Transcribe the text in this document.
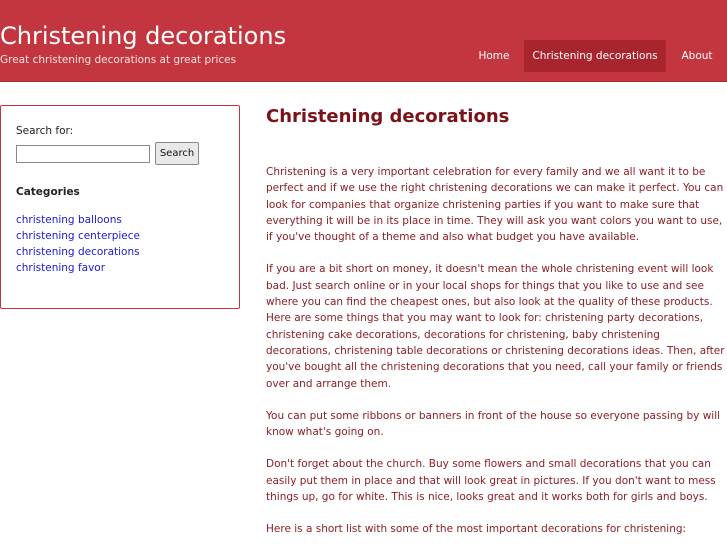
Christening decorations
Great christening decorations at great prices	Home	Christening decorations	About
Search for:
Search
Categories
christening balloons
christening centerpiece
christening decorations
christening favor
Christening decorations

Christening is a very important celebration for every family and we all want it to be perfect and if we use the right christening decorations we can make it perfect. You can look for companies that organize christening parties if you want to make sure that everything it will be in its place in time. They will ask you want colors you want to use, if you've thought of a theme and also what budget you have available.

If you are a bit short on money, it doesn't mean the whole christening event will look bad. Just search online or in your local shops for things that you like to use and see where you can find the cheapest ones, but also look at the quality of these products. Here are some things that you may want to look for: christening party decorations, christening cake decorations, decorations for christening, baby christening decorations, christening table decorations or christening decorations ideas. Then, after you've bought all the christening decorations that you need, call your family or friends over and arrange them.

You can put some ribbons or banners in front of the house so everyone passing by will know what's going on.

Don't forget about the church. Buy some flowers and small decorations that you can easily put them in place and that will look great in pictures. If you don't want to mess things up, go for white. This is nice, looks great and it works both for girls and boys.

Here is a short list with some of the most important decorations for christening:
